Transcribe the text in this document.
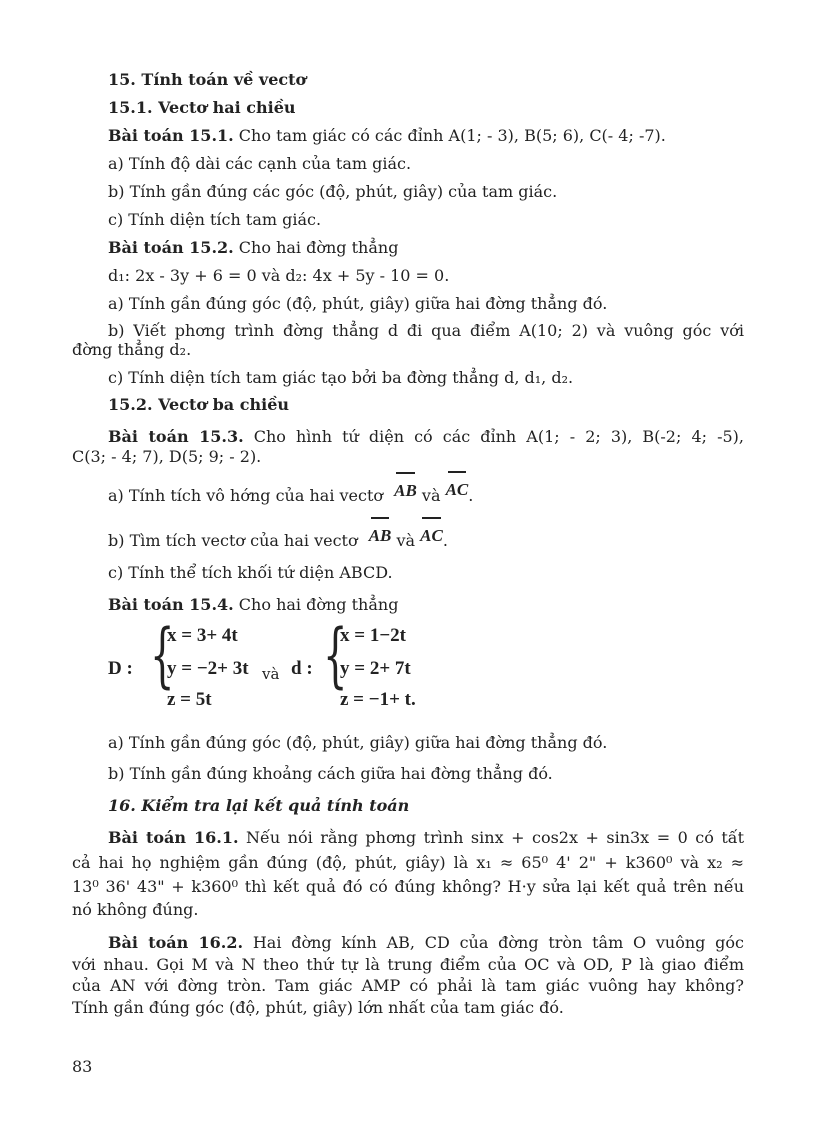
15. Tính toán về vectơ
15.1. Vectơ hai chiều
Bài toán 15.1. Cho tam giác có các đỉnh A(1; - 3), B(5; 6), C(- 4; -7).
a) Tính độ dài các cạnh của tam giác.
b) Tính gần đúng các góc (độ, phút, giây) của tam giác.
c) Tính diện tích tam giác.
Bài toán 15.2. Cho hai đờng thẳng
d₁: 2x - 3y + 6 = 0 và d₂: 4x + 5y - 10 = 0.
a) Tính gần đúng góc (độ, phút, giây) giữa hai đờng thẳng đó.
b) Viết phơng trình đờng thẳng d đi qua điểm A(10; 2) và vuông góc với
đờng thẳng d₂.
c) Tính diện tích tam giác tạo bởi ba đờng thẳng d, d₁, d₂.
15.2. Vectơ ba chiều
Bài toán 15.3. Cho hình tứ diện có các đỉnh A(1; - 2; 3), B(-2; 4; -5),
C(3; - 4; 7), D(5; 9; - 2).
a) Tính tích vô hớng của hai vectơ AB và AC.
b) Tìm tích vectơ của hai vectơ AB và AC.
c) Tính thể tích khối tứ diện ABCD.
Bài toán 15.4. Cho hai đờng thẳng
D : {
x = 3+ 4t
y = −2+ 3t
z = 5t
và d : {
x = 1−2t
y = 2+ 7t
z = −1+ t.
a) Tính gần đúng góc (độ, phút, giây) giữa hai đờng thẳng đó.
b) Tính gần đúng khoảng cách giữa hai đờng thẳng đó.
16. Kiểm tra lại kết quả tính toán
Bài toán 16.1. Nếu nói rằng phơng trình sinx + cos2x + sin3x = 0 có tất
cả hai họ nghiệm gần đúng (độ, phút, giây) là x₁ ≈ 65⁰ 4' 2" + k360⁰ và x₂ ≈
13⁰ 36' 43" + k360⁰ thì kết quả đó có đúng không? H·y sửa lại kết quả trên nếu
nó không đúng.
Bài toán 16.2. Hai đờng kính AB, CD của đờng tròn tâm O vuông góc
với nhau. Gọi M và N theo thứ tự là trung điểm của OC và OD, P là giao điểm
của AN với đờng tròn. Tam giác AMP có phải là tam giác vuông hay không?
Tính gần đúng góc (độ, phút, giây) lớn nhất của tam giác đó.
83
